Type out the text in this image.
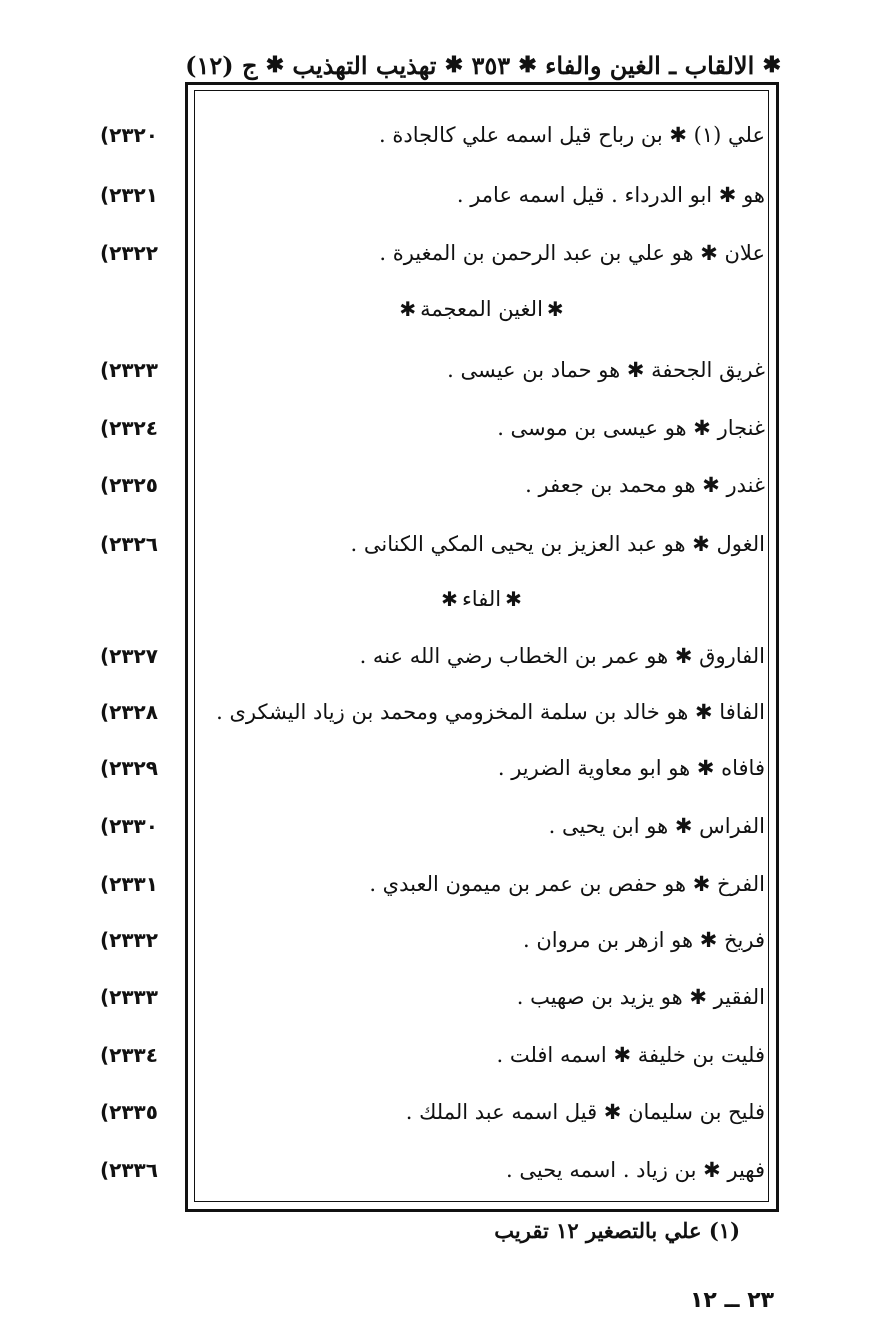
ج (١٢) ✱ تهذيب التهذيب ✱ ٣٥٣ ✱ الالقاب ـ الغين والفاء ✱
علي (١) ✱ بن رباح قيل اسمه علي كالجادة .
(٢٣٢٠
هو ✱ ابو الدرداء . قيل اسمه عامر .
(٢٣٢١
علان ✱ هو علي بن عبد الرحمن بن المغيرة .
(٢٣٢٢
✱
الغين المعجمة
✱
غريق الجحفة ✱ هو حماد بن عيسى .
(٢٣٢٣
غنجار ✱ هو عيسى بن موسى .
(٢٣٢٤
غندر ✱ هو محمد بن جعفر .
(٢٣٢٥
الغول ✱ هو عبد العزيز بن يحيى المكي الكنانى .
(٢٣٢٦
✱
الفاء
✱
الفاروق ✱ هو عمر بن الخطاب رضي الله عنه .
(٢٣٢٧
الفافا ✱ هو خالد بن سلمة المخزومي ومحمد بن زياد اليشكرى .
(٢٣٢٨
فافاه ✱ هو ابو معاوية الضرير .
(٢٣٢٩
الفراس ✱ هو ابن يحيى .
(٢٣٣٠
الفرخ ✱ هو حفص بن عمر بن ميمون العبدي .
(٢٣٣١
فريخ ✱ هو ازهر بن مروان .
(٢٣٣٢
الفقير ✱ هو يزيد بن صهيب .
(٢٣٣٣
فليت بن خليفة ✱ اسمه افلت .
(٢٣٣٤
فليح بن سليمان ✱ قيل اسمه عبد الملك .
(٢٣٣٥
فهير ✱ بن زياد . اسمه يحيى .
(٢٣٣٦
(١) علي بالتصغير ١٢ تقريب
٢٣ ــ ١٢
